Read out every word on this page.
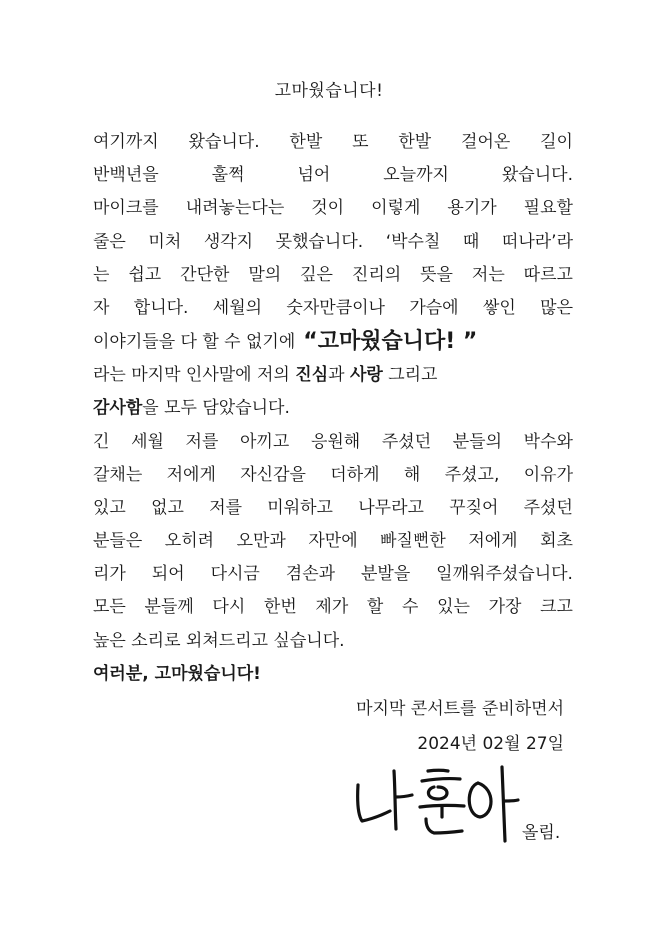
고마웠습니다!
여기까지 왔습니다. 한발 또 한발 걸어온 길이
반백년을	훌쩍	넘어	오늘까지	왔습니다.
마이크를 내려놓는다는 것이 이렇게 용기가 필요할
줄은 미처 생각지 못했습니다. ‘박수칠 때 떠나라’라
는 쉽고 간단한 말의 깊은 진리의 뜻을 저는 따르고
자 합니다. 세월의 숫자만큼이나 가슴에 쌓인 많은
이야기들을 다 할 수 없기에 “고마웠습니다! ”
라는 마지막 인사말에 저의 진심과 사랑 그리고
감사함을 모두 담았습니다.
긴 세월 저를 아끼고 응원해 주셨던 분들의 박수와
갈채는 저에게 자신감을 더하게 해 주셨고, 이유가
있고 없고 저를 미워하고 나무라고 꾸짖어 주셨던
분들은 오히려 오만과 자만에 빠질뻔한 저에게 회초
리가 되어 다시금 겸손과 분발을 일깨워주셨습니다.
모든 분들께 다시 한번 제가 할 수 있는 가장 크고
높은 소리로 외쳐드리고 싶습니다.
여러분, 고마웠습니다!
마지막 콘서트를 준비하면서
2024년 02월 27일
올림.
